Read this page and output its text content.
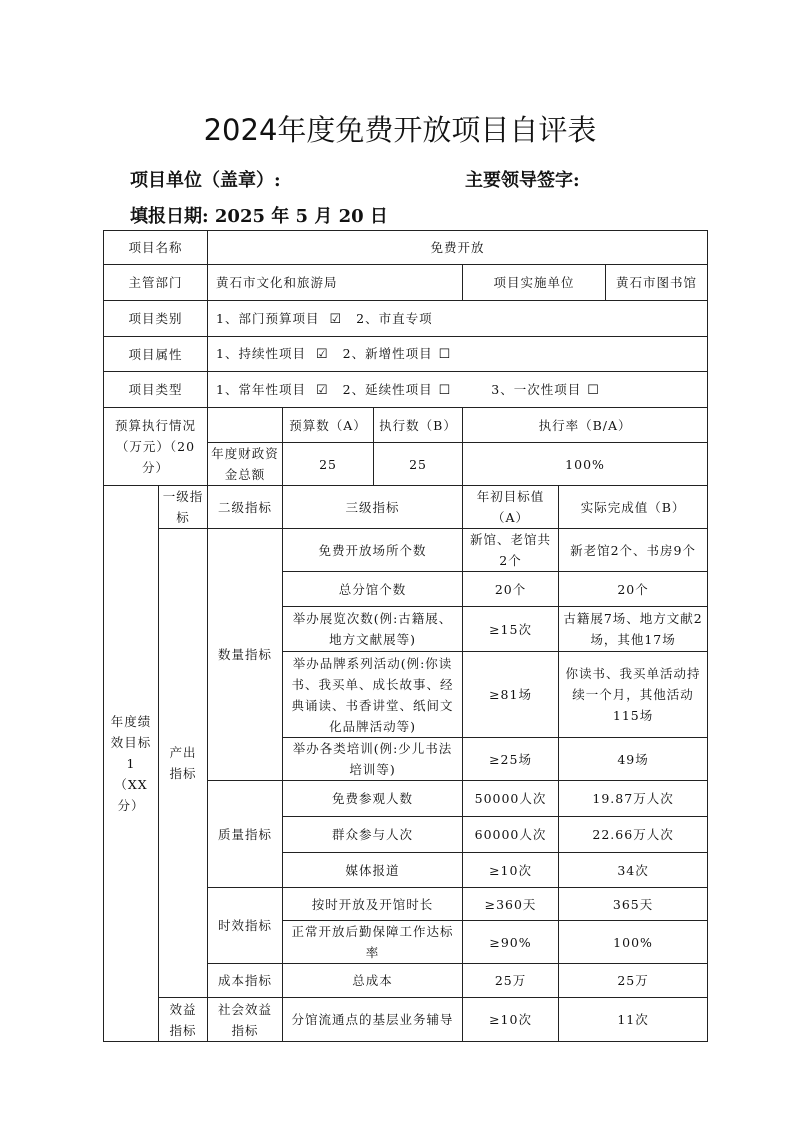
2024年度免费开放项目自评表
项目单位（盖章）:	主要领导签字:
填报日期: 2025 年 5 月 20 日
项目名称		免费开放					
主管部门		黄石市文化和旅游局			项目实施单位		黄石市图书馆
项目类别		1、部门预算项目 ☑ 2、市直专项					
项目属性		1、持续性项目 ☑ 2、新增性项目 ☐					
项目类型		1、常年性项目 ☑ 2、延续性项目 ☐ 3、一次性项目 ☐					
预算执行情况（万元）（20分）			预算数（A）	执行数（B）	执行率（B/A）		
		年度财政资金总额	25	25	100%		
年度绩效目标1（XX分）	一级指标	二级指标	三级指标		年初目标值（A）	实际完成值（B）	
	产出指标	数量指标	免费开放场所个数		新馆、老馆共2个	新老馆2个、书房9个	
			总分馆个数		20个	20个	
			举办展览次数(例:古籍展、地方文献展等)		≥15次	古籍展7场、地方文献2场，其他17场	
			举办品牌系列活动(例:你读书、我买单、成长故事、经典诵读、书香讲堂、纸间文化品牌活动等)		≥81场	你读书、我买单活动持续一个月，其他活动115场	
			举办各类培训(例:少儿书法培训等)		≥25场	49场	
		质量指标	免费参观人数		50000人次	19.87万人次	
			群众参与人次		60000人次	22.66万人次	
			媒体报道		≥10次	34次	
		时效指标	按时开放及开馆时长		≥360天	365天	
			正常开放后勤保障工作达标率		≥90%	100%	
		成本指标	总成本		25万	25万	
	效益指标	社会效益指标	分馆流通点的基层业务辅导		≥10次	11次	
